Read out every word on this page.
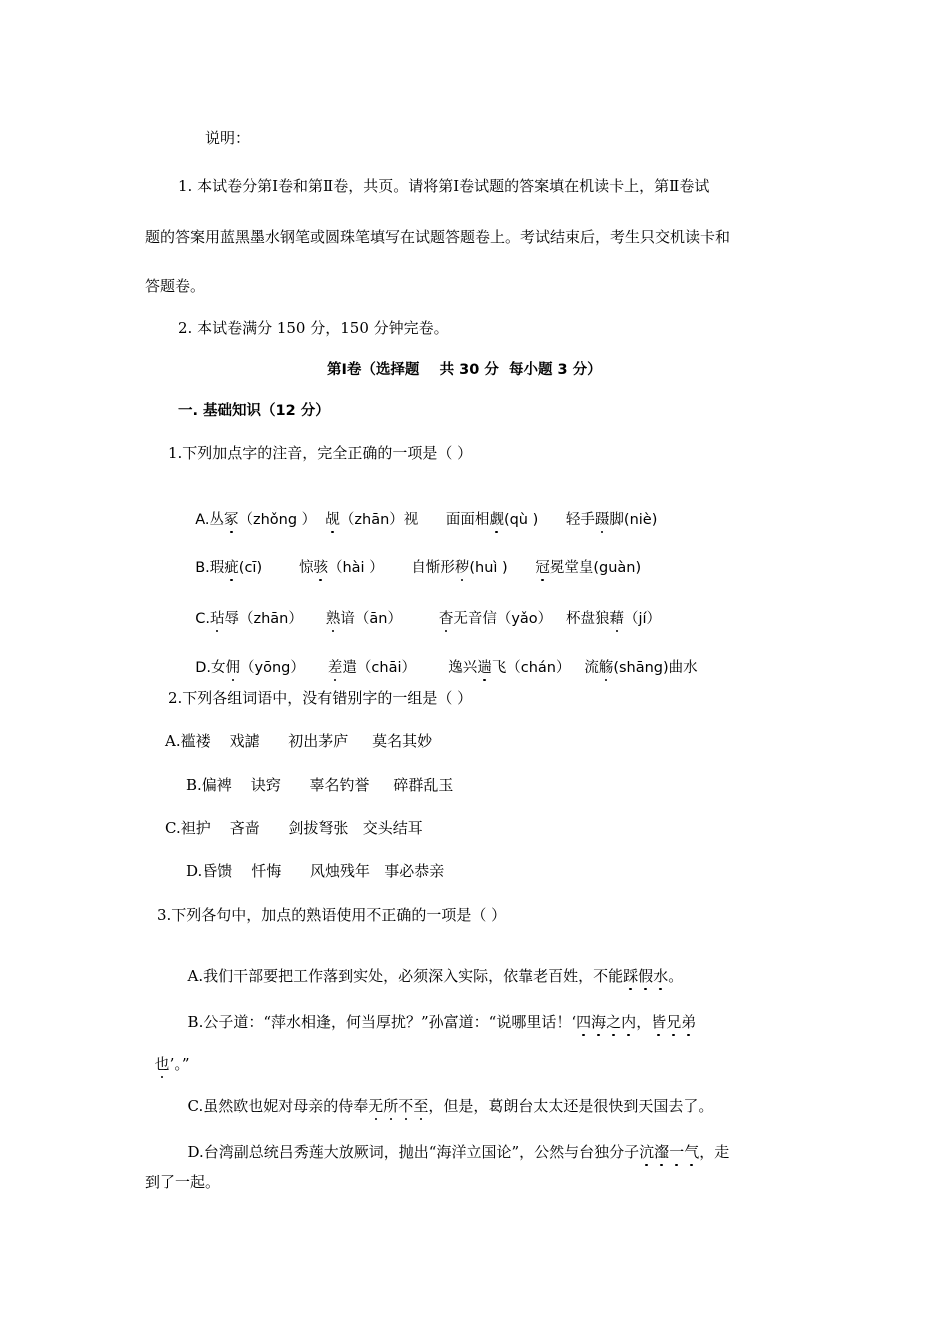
说明：
1. 本试卷分第Ⅰ卷和第Ⅱ卷，共页。请将第Ⅰ卷试题的答案填在机读卡上，第Ⅱ卷试
题的答案用蓝黑墨水钢笔或圆珠笔填写在试题答题卷上。考试结束后，考生只交机读卡和
答题卷。
2. 本试卷满分 150 分，150 分钟完卷。
第Ⅰ卷（选择题    共 30 分  每小题 3 分）
一. 基础知识（12 分）
1.下列加点字的注音，完全正确的一项是（ ）

A.丛冢（zhǒng ）  觇（zhān）视      面面相觑(qù )      轻手蹑脚(niè)

B.瑕疵(cī)        惊骇（hài ）      自惭形秽(huì )      冠冕堂皇(guàn)

C.玷辱（zhān）     熟谙（ān）        杳无音信（yǎo）   杯盘狼藉（jí）

D.女佣（yōng）     差遣（chāi）       逸兴遄飞（chán）   流觞(shāng)曲水

2.下列各组词语中，没有错别字的一组是（ ）
A.褴褛    戏謔      初出茅庐     莫名其妙
B.偏裨    诀窍      辜名钓誉     碎群乱玉
C.袒护    吝啬      剑拔弩张   交头结耳
D.昏馈    忏悔      风烛残年   事必恭亲
3.下列各句中，加点的熟语使用不正确的一项是（ ）

A.我们干部要把工作落到实处，必须深入实际，依靠老百姓，不能踩假水。

B.公子道：“萍水相逢，何当厚扰？”孙富道：“说哪里话！‘四海之内，皆兄弟

也’。”

C.虽然欧也妮对母亲的侍奉无所不至，但是，葛朗台太太还是很快到天国去了。

D.台湾副总统吕秀莲大放厥词，抛出“海洋立国论”，公然与台独分子沆瀣一气，走

到了一起。
